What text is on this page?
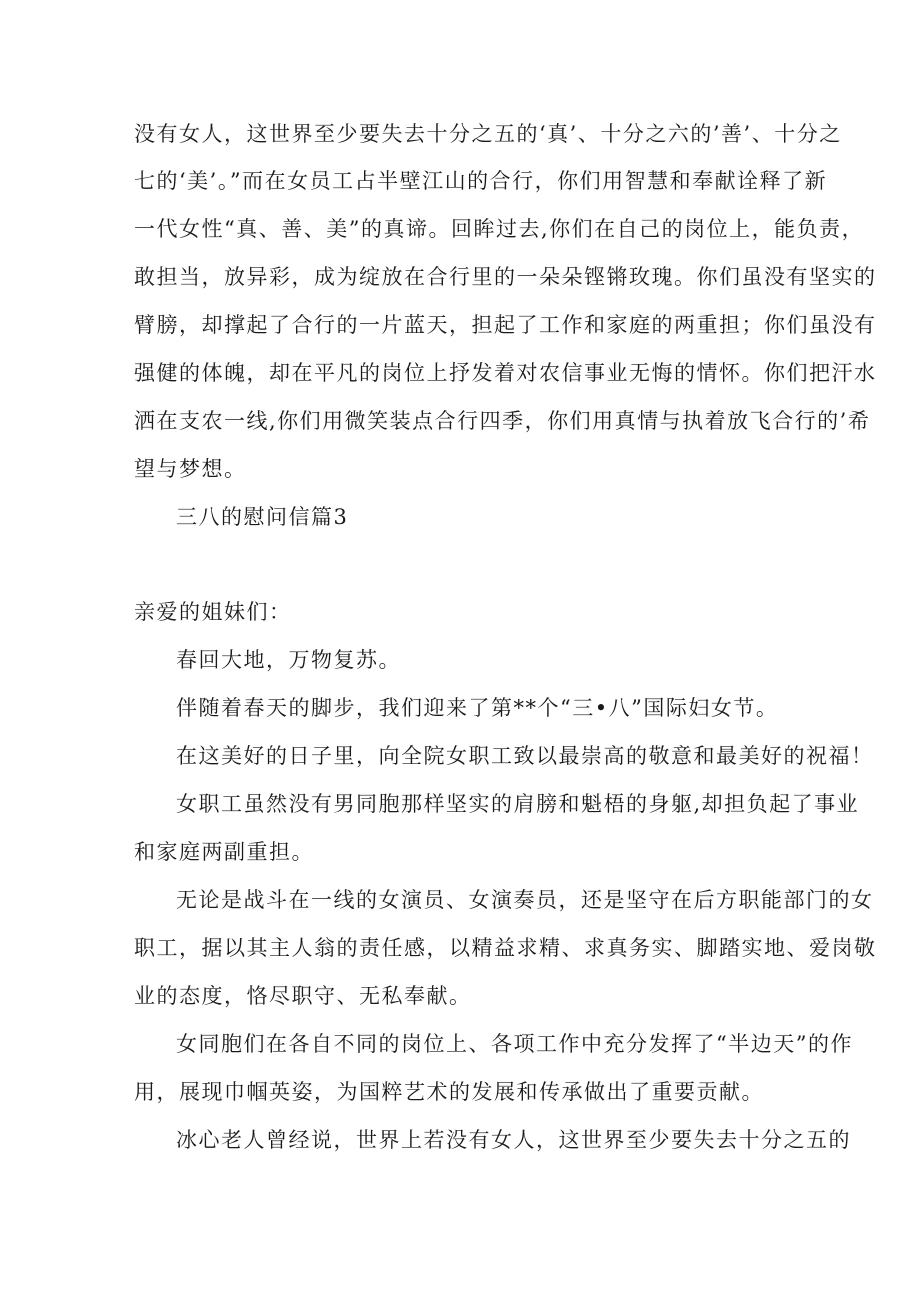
没有女人，这世界至少要失去十分之五的‘真’、十分之六的’善’、十分之
七的‘美’。”而在女员工占半壁江山的合行，你们用智慧和奉献诠释了新
一代女性“真、善、美”的真谛。回眸过去,你们在自己的岗位上，能负责，
敢担当，放异彩，成为绽放在合行里的一朵朵铿锵玫瑰。你们虽没有坚实的
臂膀，却撑起了合行的一片蓝天，担起了工作和家庭的两重担；你们虽没有
强健的体魄，却在平凡的岗位上抒发着对农信事业无悔的情怀。你们把汗水
洒在支农一线,你们用微笑装点合行四季，你们用真情与执着放飞合行的’希
望与梦想。
三八的慰问信篇3
亲爱的姐妹们：
春回大地，万物复苏。
伴随着春天的脚步，我们迎来了第**个“三•八”国际妇女节。
在这美好的日子里，向全院女职工致以最崇高的敬意和最美好的祝福！
女职工虽然没有男同胞那样坚实的肩膀和魁梧的身躯,却担负起了事业
和家庭两副重担。
无论是战斗在一线的女演员、女演奏员，还是坚守在后方职能部门的女
职工，据以其主人翁的责任感，以精益求精、求真务实、脚踏实地、爱岗敬
业的态度，恪尽职守、无私奉献。
女同胞们在各自不同的岗位上、各项工作中充分发挥了“半边天”的作
用，展现巾帼英姿，为国粹艺术的发展和传承做出了重要贡献。
冰心老人曾经说，世界上若没有女人，这世界至少要失去十分之五的
